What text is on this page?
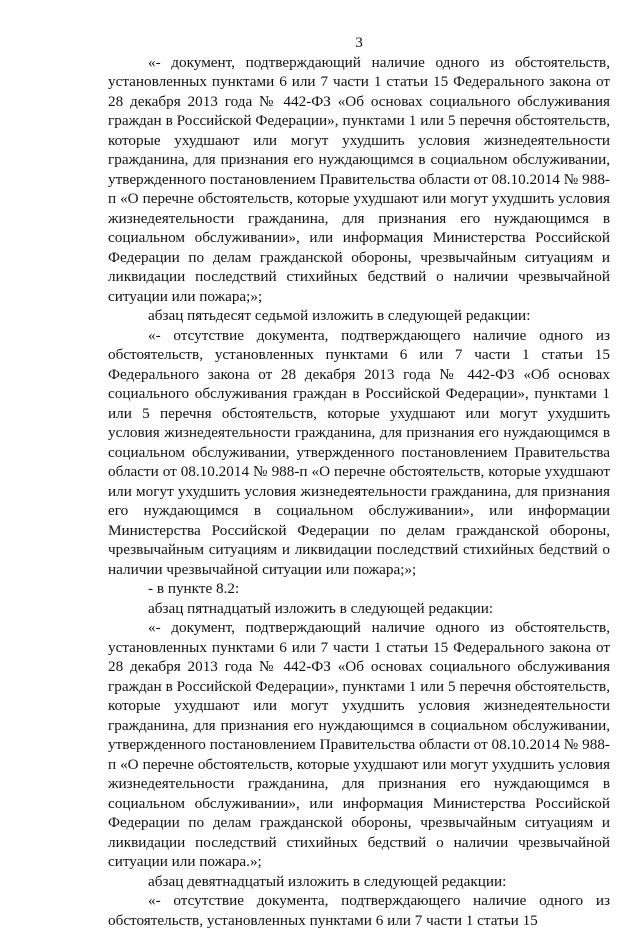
3

«- документ, подтверждающий наличие одного из обстоятельств, установленных пунктами 6 или 7 части 1 статьи 15 Федерального закона от 28 декабря 2013 года № 442-ФЗ «Об основах социального обслуживания граждан в Российской Федерации», пунктами 1 или 5 перечня обстоятельств, которые ухудшают или могут ухудшить условия жизнедеятельности гражданина, для признания его нуждающимся в социальном обслуживании, утвержденного постановлением Правительства области от 08.10.2014 № 988-п «О перечне обстоятельств, которые ухудшают или могут ухудшить условия жизнедеятельности гражданина, для признания его нуждающимся в социальном обслуживании», или информация Министерства Российской Федерации по делам гражданской обороны, чрезвычайным ситуациям и ликвидации последствий стихийных бедствий о наличии чрезвычайной ситуации или пожара;»;

абзац пятьдесят седьмой изложить в следующей редакции:

«- отсутствие документа, подтверждающего наличие одного из обстоятельств, установленных пунктами 6 или 7 части 1 статьи 15 Федерального закона от 28 декабря 2013 года № 442-ФЗ «Об основах социального обслуживания граждан в Российской Федерации», пунктами 1 или 5 перечня обстоятельств, которые ухудшают или могут ухудшить условия жизнедеятельности гражданина, для признания его нуждающимся в социальном обслуживании, утвержденного постановлением Правительства области от 08.10.2014 № 988-п «О перечне обстоятельств, которые ухудшают или могут ухудшить условия жизнедеятельности гражданина, для признания его нуждающимся в социальном обслуживании», или информации Министерства Российской Федерации по делам гражданской обороны, чрезвычайным ситуациям и ликвидации последствий стихийных бедствий о наличии чрезвычайной ситуации или пожара;»;

- в пункте 8.2:

абзац пятнадцатый изложить в следующей редакции:

«- документ, подтверждающий наличие одного из обстоятельств, установленных пунктами 6 или 7 части 1 статьи 15 Федерального закона от 28 декабря 2013 года № 442-ФЗ «Об основах социального обслуживания граждан в Российской Федерации», пунктами 1 или 5 перечня обстоятельств, которые ухудшают или могут ухудшить условия жизнедеятельности гражданина, для признания его нуждающимся в социальном обслуживании, утвержденного постановлением Правительства области от 08.10.2014 № 988-п «О перечне обстоятельств, которые ухудшают или могут ухудшить условия жизнедеятельности гражданина, для признания его нуждающимся в социальном обслуживании», или информация Министерства Российской Федерации по делам гражданской обороны, чрезвычайным ситуациям и ликвидации последствий стихийных бедствий о наличии чрезвычайной ситуации или пожара.»;

абзац девятнадцатый изложить в следующей редакции:

«- отсутствие документа, подтверждающего наличие одного из обстоятельств, установленных пунктами 6 или 7 части 1 статьи 15
